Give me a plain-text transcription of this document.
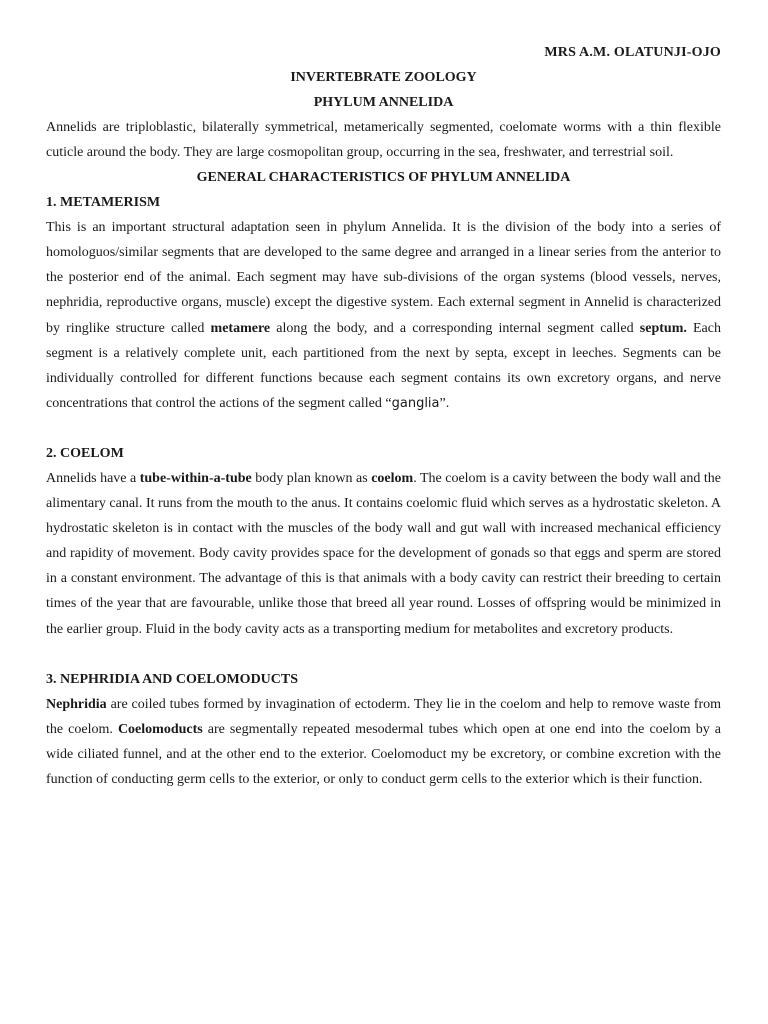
MRS A.M. OLATUNJI-OJO
INVERTEBRATE ZOOLOGY
PHYLUM ANNELIDA

Annelids are triploblastic, bilaterally symmetrical, metamerically segmented, coelomate worms with a thin flexible cuticle around the body. They are large cosmopolitan group, occurring in the sea, freshwater, and terrestrial soil.

GENERAL CHARACTERISTICS OF PHYLUM ANNELIDA
1. METAMERISM

This is an important structural adaptation seen in phylum Annelida. It is the division of the body into a series of homologuos/similar segments that are developed to the same degree and arranged in a linear series from the anterior to the posterior end of the animal. Each segment may have sub-divisions of the organ systems (blood vessels, nerves, nephridia, reproductive organs, muscle) except the digestive system. Each external segment in Annelid is characterized by ringlike structure called metamere along the body, and a corresponding internal segment called septum. Each segment is a relatively complete unit, each partitioned from the next by septa, except in leeches. Segments can be individually controlled for different functions because each segment contains its own excretory organs, and nerve concentrations that control the actions of the segment called “ganglia”.

2. COELOM

Annelids have a tube-within-a-tube body plan known as coelom. The coelom is a cavity between the body wall and the alimentary canal. It runs from the mouth to the anus. It contains coelomic fluid which serves as a hydrostatic skeleton. A hydrostatic skeleton is in contact with the muscles of the body wall and gut wall with increased mechanical efficiency and rapidity of movement. Body cavity provides space for the development of gonads so that eggs and sperm are stored in a constant environment. The advantage of this is that animals with a body cavity can restrict their breeding to certain times of the year that are favourable, unlike those that breed all year round. Losses of offspring would be minimized in the earlier group. Fluid in the body cavity acts as a transporting medium for metabolites and excretory products.

3. NEPHRIDIA AND COELOMODUCTS

Nephridia are coiled tubes formed by invagination of ectoderm. They lie in the coelom and help to remove waste from the coelom. Coelomoducts are segmentally repeated mesodermal tubes which open at one end into the coelom by a wide ciliated funnel, and at the other end to the exterior. Coelomoduct my be excretory, or combine excretion with the function of conducting germ cells to the exterior, or only to conduct germ cells to the exterior which is their function.
